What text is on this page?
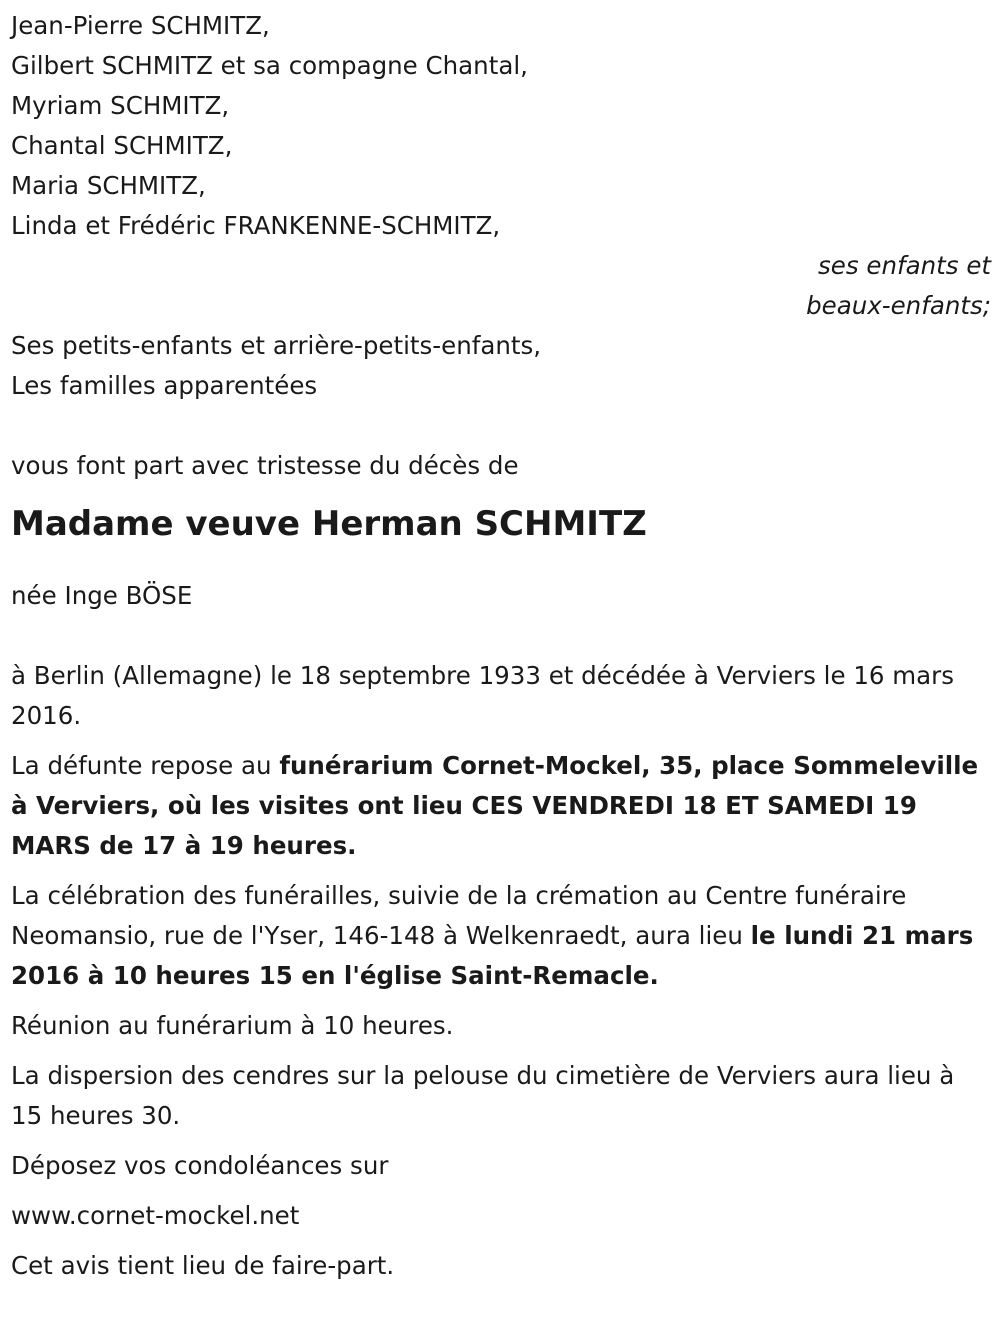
Jean-Pierre SCHMITZ,
Gilbert SCHMITZ et sa compagne Chantal,
Myriam SCHMITZ,
Chantal SCHMITZ,
Maria SCHMITZ,
Linda et Frédéric FRANKENNE-SCHMITZ,
ses enfants et
beaux-enfants;
Ses petits-enfants et arrière-petits-enfants,
Les familles apparentées
vous font part avec tristesse du décès de
Madame veuve Herman SCHMITZ
née Inge BÖSE
à Berlin (Allemagne) le 18 septembre 1933 et décédée à Verviers le 16 mars 2016.
La défunte repose au funérarium Cornet-Mockel, 35, place Sommeleville à Verviers, où les visites ont lieu CES VENDREDI 18 ET SAMEDI 19 MARS de 17 à 19 heures.
La célébration des funérailles, suivie de la crémation au Centre funéraire Neomansio, rue de l'Yser, 146-148 à Welkenraedt, aura lieu le lundi 21 mars 2016 à 10 heures 15 en l'église Saint-Remacle.
Réunion au funérarium à 10 heures.
La dispersion des cendres sur la pelouse du cimetière de Verviers aura lieu à 15 heures 30.
Déposez vos condoléances sur
www.cornet-mockel.net
Cet avis tient lieu de faire-part.
